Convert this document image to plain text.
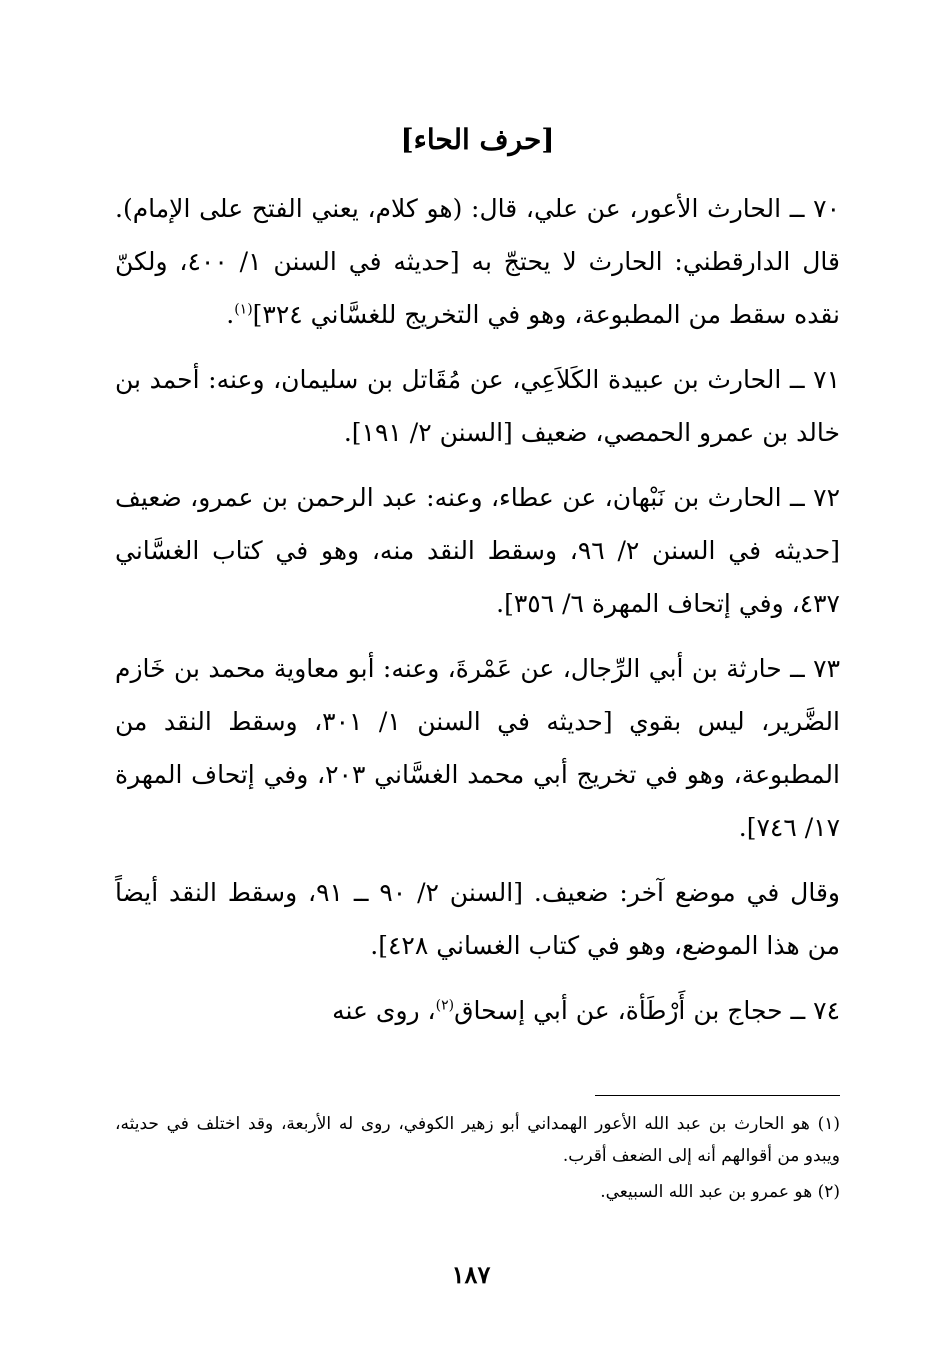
[حرف الحاء]

٧٠ ــ الحارث الأعور، عن علي، قال: (هو كلام، يعني الفتح على الإمام). قال الدارقطني: الحارث لا يحتجّ به [حديثه في السنن ١/ ٤٠٠، ولكنّ نقده سقط من المطبوعة، وهو في التخريج للغسَّاني ٣٢٤]$^{(١)}$.

٧١ ــ الحارث بن عبيدة الكَلاَعِي، عن مُقَاتل بن سليمان، وعنه: أحمد بن خالد بن عمرو الحمصي، ضعيف [السنن ٢/ ١٩١].

٧٢ ــ الحارث بن نَبْهان، عن عطاء، وعنه: عبد الرحمن بن عمرو، ضعيف [حديثه في السنن ٢/ ٩٦، وسقط النقد منه، وهو في كتاب الغسَّاني ٤٣٧، وفي إتحاف المهرة ٦/ ٣٥٦].

٧٣ ــ حارثة بن أبي الرِّجال، عن عَمْرةَ، وعنه: أبو معاوية محمد بن خَازم الضَّرير، ليس بقوي [حديثه في السنن ١/ ٣٠١، وسقط النقد من المطبوعة، وهو في تخريج أبي محمد الغسَّاني ٢٠٣، وفي إتحاف المهرة ١٧/ ٧٤٦].

وقال في موضع آخر: ضعيف. [السنن ٢/ ٩٠ ــ ٩١، وسقط النقد أيضاً من هذا الموضع، وهو في كتاب الغساني ٤٢٨].

٧٤ ــ حجاج بن أَرْطَأة، عن أبي إسحاق$^{(٢)}$، روى عنه

(١) هو الحارث بن عبد الله الأعور الهمداني أبو زهير الكوفي، روى له الأربعة، وقد اختلف في حديثه، ويبدو من أقوالهم أنه إلى الضعف أقرب.

(٢) هو عمرو بن عبد الله السبيعي.

١٨٧
